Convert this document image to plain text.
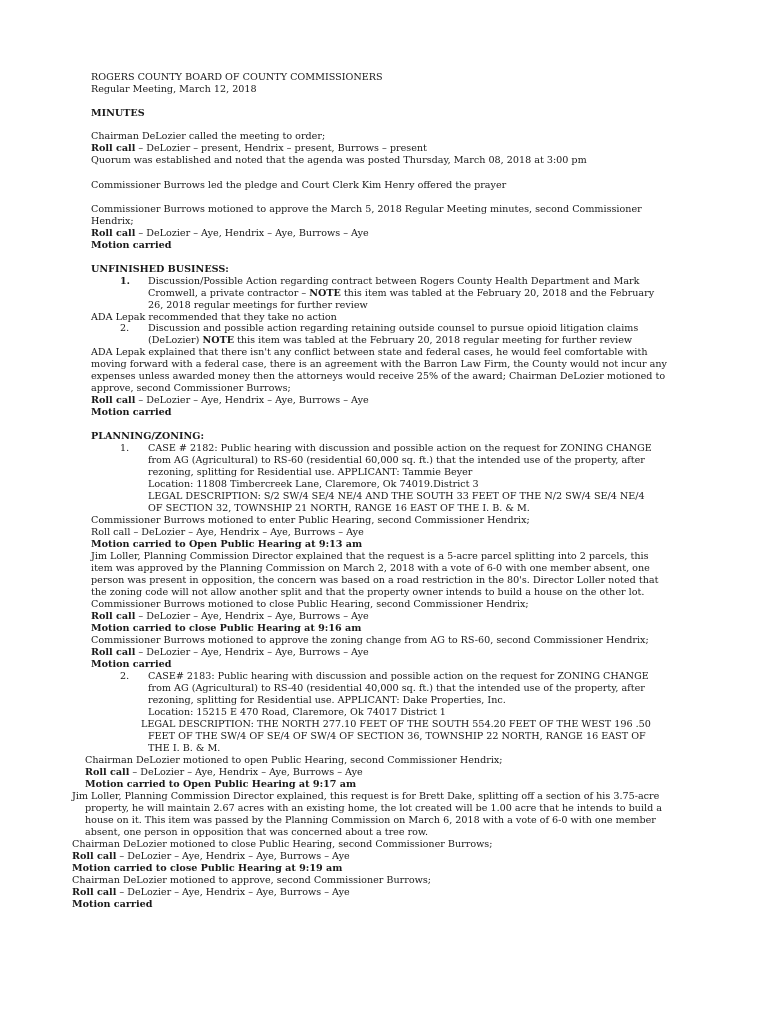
ROGERS COUNTY BOARD OF COUNTY COMMISSIONERS
Regular Meeting, March 12, 2018
MINUTES
Chairman DeLozier called the meeting to order;
Roll call – DeLozier – present, Hendrix – present, Burrows – present
Quorum was established and noted that the agenda was posted Thursday, March 08, 2018 at 3:00 pm
Commissioner Burrows led the pledge and Court Clerk Kim Henry offered the prayer
Commissioner Burrows motioned to approve the March 5, 2018 Regular Meeting minutes, second Commissioner
Hendrix;
Roll call – DeLozier – Aye, Hendrix – Aye, Burrows – Aye
Motion carried
UNFINISHED BUSINESS:
1. Discussion/Possible Action regarding contract between Rogers County Health Department and Mark
Cromwell, a private contractor – NOTE this item was tabled at the February 20, 2018 and the February
26, 2018 regular meetings for further review
ADA Lepak recommended that they take no action
2. Discussion and possible action regarding retaining outside counsel to pursue opioid litigation claims
(DeLozier) NOTE this item was tabled at the February 20, 2018 regular meeting for further review
ADA Lepak explained that there isn't any conflict between state and federal cases, he would feel comfortable with
moving forward with a federal case, there is an agreement with the Barron Law Firm, the County would not incur any
expenses unless awarded money then the attorneys would receive 25% of the award; Chairman DeLozier motioned to
approve, second Commissioner Burrows;
Roll call – DeLozier – Aye, Hendrix – Aye, Burrows – Aye
Motion carried
PLANNING/ZONING:
1. CASE # 2182: Public hearing with discussion and possible action on the request for ZONING CHANGE
from AG (Agricultural) to RS-60 (residential 60,000 sq. ft.) that the intended use of the property, after
rezoning, splitting for Residential use. APPLICANT: Tammie Beyer
Location: 11808 Timbercreek Lane, Claremore, Ok 74019.District 3
LEGAL DESCRIPTION: S/2 SW/4 SE/4 NE/4 AND THE SOUTH 33 FEET OF THE N/2 SW/4 SE/4 NE/4
OF SECTION 32, TOWNSHIP 21 NORTH, RANGE 16 EAST OF THE I. B. & M.
Commissioner Burrows motioned to enter Public Hearing, second Commissioner Hendrix;
Roll call – DeLozier – Aye, Hendrix – Aye, Burrows – Aye
Motion carried to Open Public Hearing at 9:13 am
Jim Loller, Planning Commission Director explained that the request is a 5-acre parcel splitting into 2 parcels, this
item was approved by the Planning Commission on March 2, 2018 with a vote of 6-0 with one member absent, one
person was present in opposition, the concern was based on a road restriction in the 80's. Director Loller noted that
the zoning code will not allow another split and that the property owner intends to build a house on the other lot.
Commissioner Burrows motioned to close Public Hearing, second Commissioner Hendrix;
Roll call – DeLozier – Aye, Hendrix – Aye, Burrows – Aye
Motion carried to close Public Hearing at 9:16 am
Commissioner Burrows motioned to approve the zoning change from AG to RS-60, second Commissioner Hendrix;
Roll call – DeLozier – Aye, Hendrix – Aye, Burrows – Aye
Motion carried
2. CASE# 2183: Public hearing with discussion and possible action on the request for ZONING CHANGE
from AG (Agricultural) to RS-40 (residential 40,000 sq. ft.) that the intended use of the property, after
rezoning, splitting for Residential use. APPLICANT: Dake Properties, Inc.
Location: 15215 E 470 Road, Claremore, Ok 74017 District 1
LEGAL DESCRIPTION: THE NORTH 277.10 FEET OF THE SOUTH 554.20 FEET OF THE WEST 196 .50
FEET OF THE SW/4 OF SE/4 OF SW/4 OF SECTION 36, TOWNSHIP 22 NORTH, RANGE 16 EAST OF
THE I. B. & M.
Chairman DeLozier motioned to open Public Hearing, second Commissioner Hendrix;
Roll call – DeLozier – Aye, Hendrix – Aye, Burrows – Aye
Motion carried to Open Public Hearing at 9:17 am
Jim Loller, Planning Commission Director explained, this request is for Brett Dake, splitting off a section of his 3.75-acre
property, he will maintain 2.67 acres with an existing home, the lot created will be 1.00 acre that he intends to build a
house on it. This item was passed by the Planning Commission on March 6, 2018 with a vote of 6-0 with one member
absent, one person in opposition that was concerned about a tree row.
Chairman DeLozier motioned to close Public Hearing, second Commissioner Burrows;
Roll call – DeLozier – Aye, Hendrix – Aye, Burrows – Aye
Motion carried to close Public Hearing at 9:19 am
Chairman DeLozier motioned to approve, second Commissioner Burrows;
Roll call – DeLozier – Aye, Hendrix – Aye, Burrows – Aye
Motion carried
